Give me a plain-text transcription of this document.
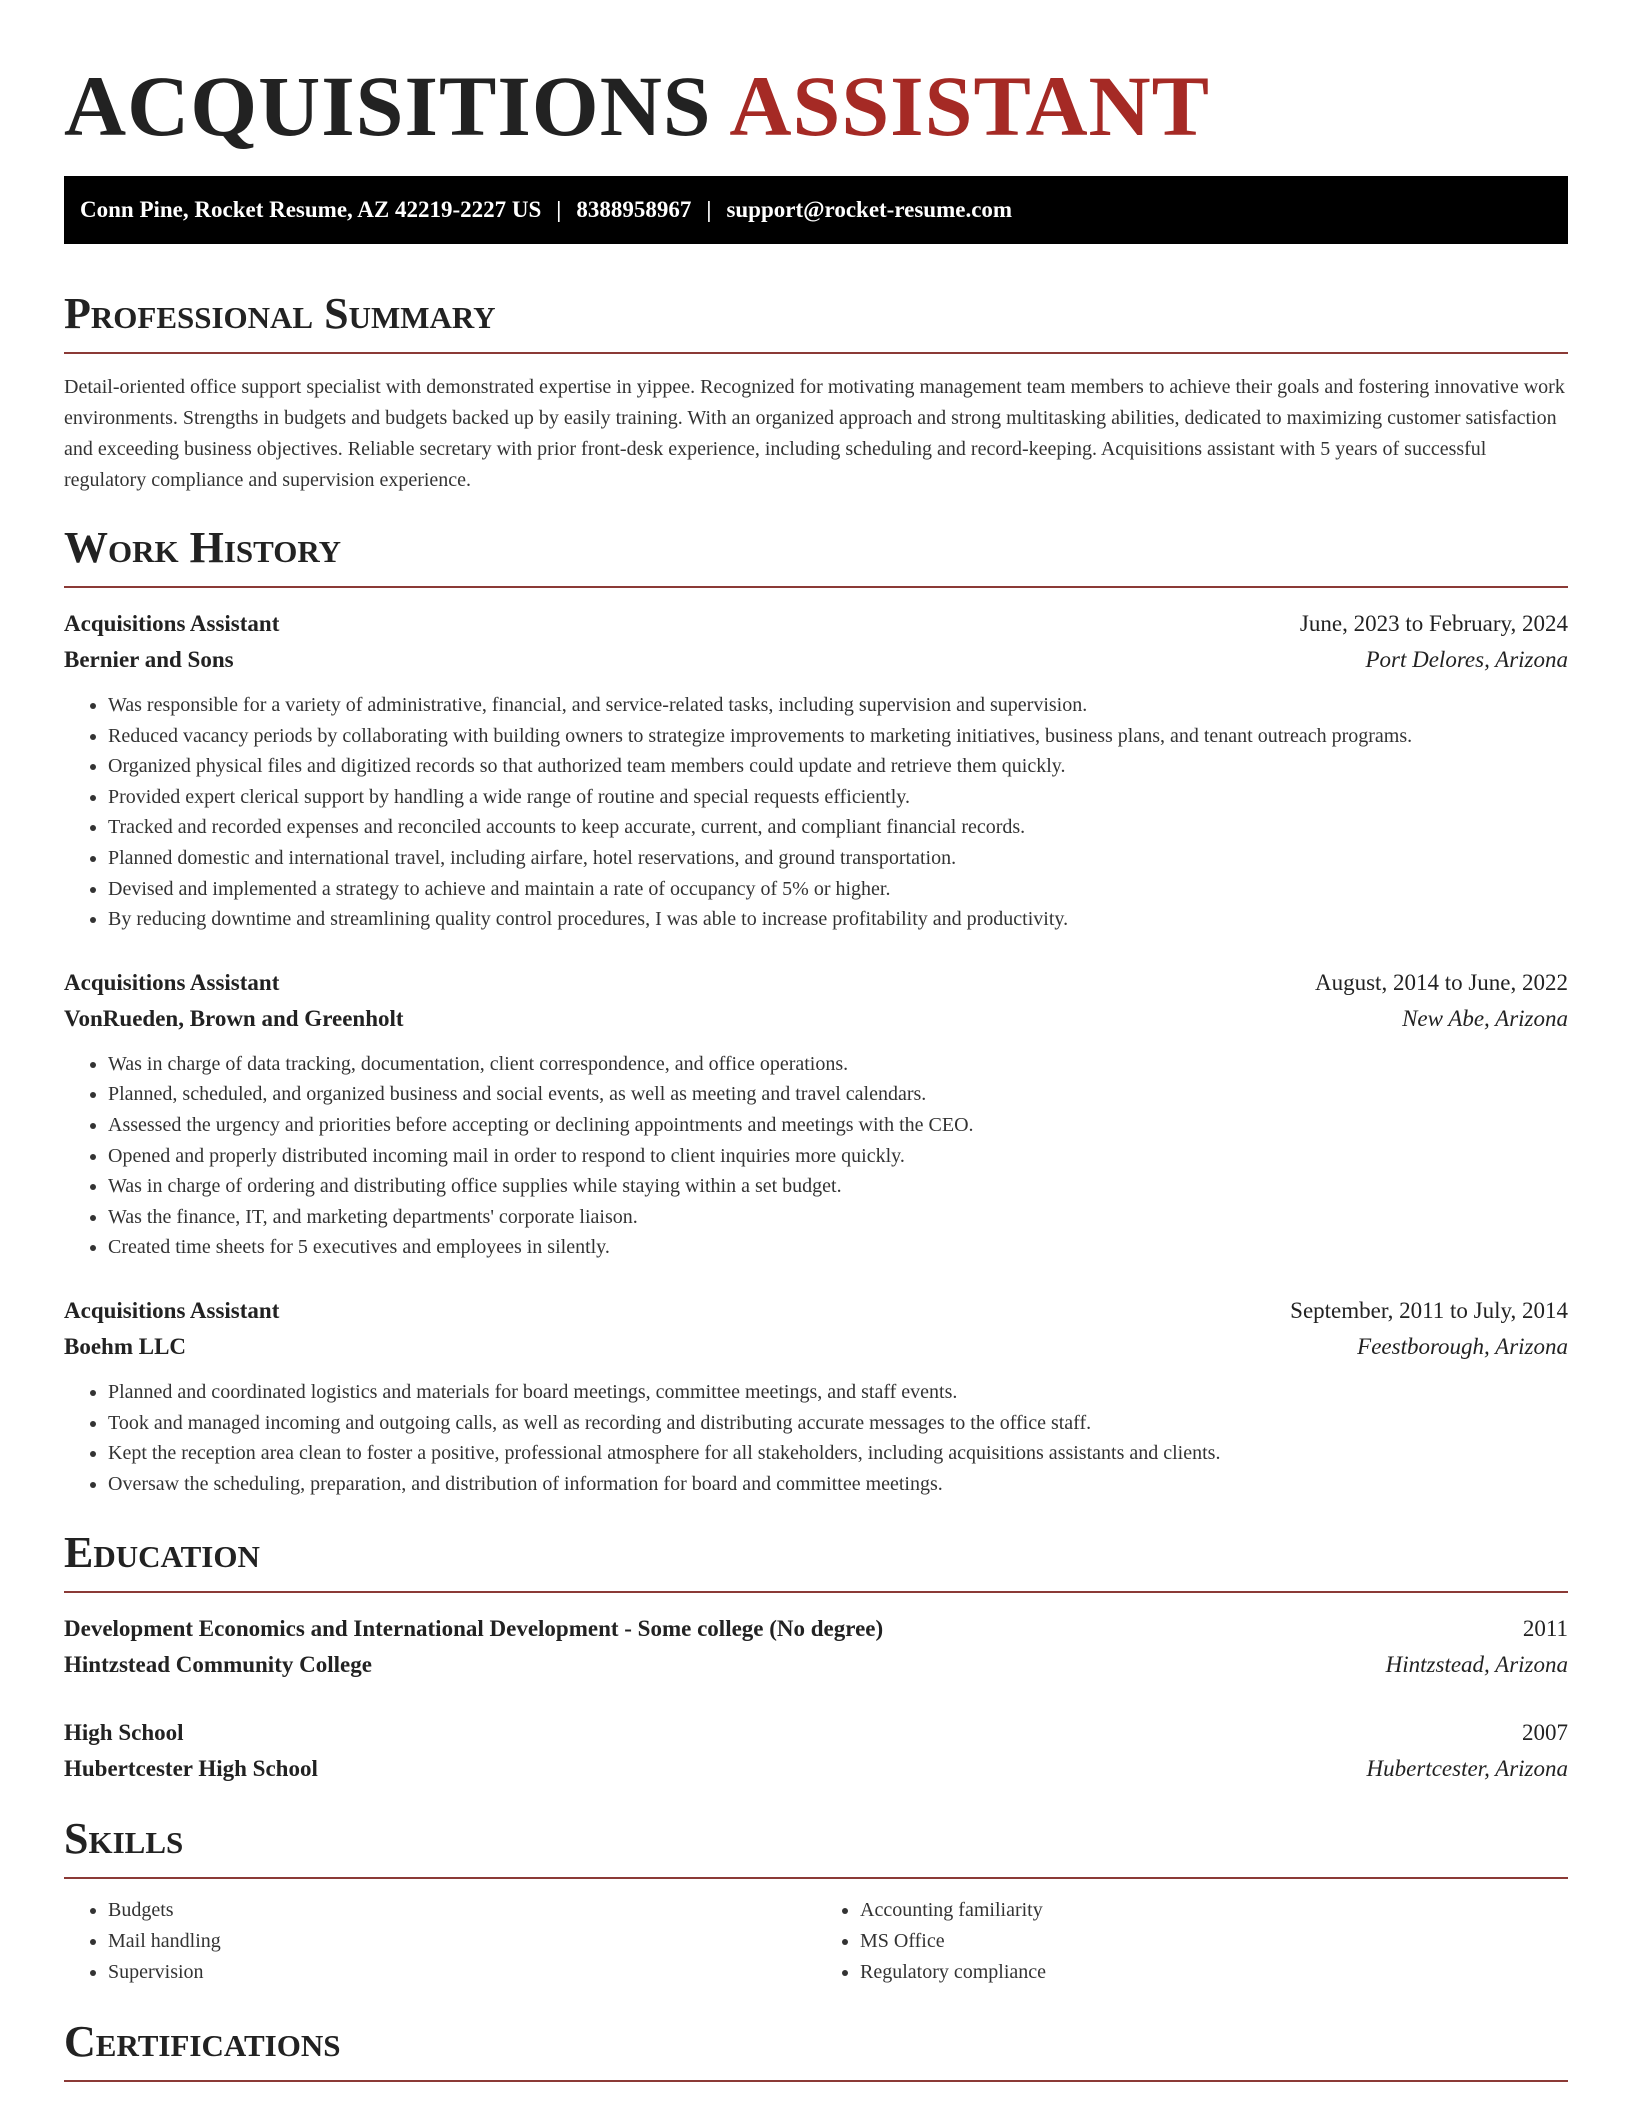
ACQUISITIONS ASSISTANT
Conn Pine, Rocket Resume, AZ 42219-2227 US | 8388958967 | support@rocket-resume.com
Professional Summary

Detail-oriented office support specialist with demonstrated expertise in yippee. Recognized for motivating management team members to achieve their goals and fostering innovative work environments. Strengths in budgets and budgets backed up by easily training. With an organized approach and strong multitasking abilities, dedicated to maximizing customer satisfaction and exceeding business objectives. Reliable secretary with prior front-desk experience, including scheduling and record-keeping. Acquisitions assistant with 5 years of successful regulatory compliance and supervision experience.

Work History
Acquisitions Assistant	June, 2023 to February, 2024
Bernier and Sons	Port Delores, Arizona
• Was responsible for a variety of administrative, financial, and service-related tasks, including supervision and supervision.
• Reduced vacancy periods by collaborating with building owners to strategize improvements to marketing initiatives, business plans, and tenant outreach programs.
• Organized physical files and digitized records so that authorized team members could update and retrieve them quickly.
• Provided expert clerical support by handling a wide range of routine and special requests efficiently.
• Tracked and recorded expenses and reconciled accounts to keep accurate, current, and compliant financial records.
• Planned domestic and international travel, including airfare, hotel reservations, and ground transportation.
• Devised and implemented a strategy to achieve and maintain a rate of occupancy of 5% or higher.
• By reducing downtime and streamlining quality control procedures, I was able to increase profitability and productivity.
Acquisitions Assistant	August, 2014 to June, 2022
VonRueden, Brown and Greenholt	New Abe, Arizona
• Was in charge of data tracking, documentation, client correspondence, and office operations.
• Planned, scheduled, and organized business and social events, as well as meeting and travel calendars.
• Assessed the urgency and priorities before accepting or declining appointments and meetings with the CEO.
• Opened and properly distributed incoming mail in order to respond to client inquiries more quickly.
• Was in charge of ordering and distributing office supplies while staying within a set budget.
• Was the finance, IT, and marketing departments' corporate liaison.
• Created time sheets for 5 executives and employees in silently.
Acquisitions Assistant	September, 2011 to July, 2014
Boehm LLC	Feestborough, Arizona
• Planned and coordinated logistics and materials for board meetings, committee meetings, and staff events.
• Took and managed incoming and outgoing calls, as well as recording and distributing accurate messages to the office staff.
• Kept the reception area clean to foster a positive, professional atmosphere for all stakeholders, including acquisitions assistants and clients.
• Oversaw the scheduling, preparation, and distribution of information for board and committee meetings.
Education
Development Economics and International Development - Some college (No degree)	2011
Hintzstead Community College	Hintzstead, Arizona
High School	2007
Hubertcester High School	Hubertcester, Arizona
Skills
• Budgets
• Mail handling
• Supervision
• Accounting familiarity
• MS Office
• Regulatory compliance
Certifications
